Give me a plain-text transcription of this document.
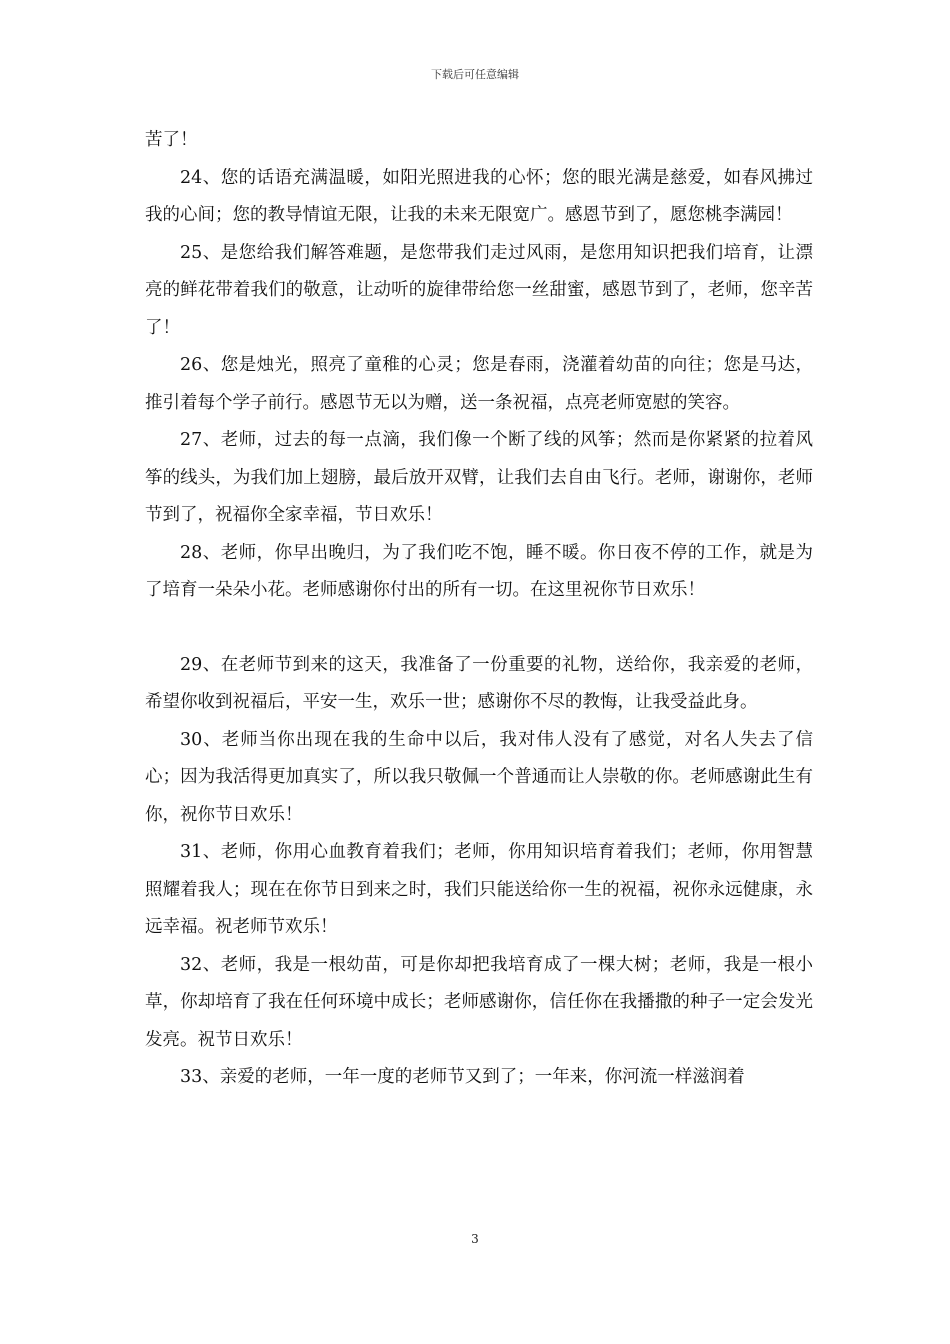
下载后可任意编辑

苦了！

24、您的话语充满温暖，如阳光照进我的心怀；您的眼光满是慈爱，如春风拂过我的心间；您的教导情谊无限，让我的未来无限宽广。感恩节到了，愿您桃李满园！

25、是您给我们解答难题，是您带我们走过风雨，是您用知识把我们培育，让漂亮的鲜花带着我们的敬意，让动听的旋律带给您一丝甜蜜，感恩节到了，老师，您辛苦了！

26、您是烛光，照亮了童稚的心灵；您是春雨，浇灌着幼苗的向往；您是马达，推引着每个学子前行。感恩节无以为赠，送一条祝福，点亮老师宽慰的笑容。

27、老师，过去的每一点滴，我们像一个断了线的风筝；然而是你紧紧的拉着风筝的线头，为我们加上翅膀，最后放开双臂，让我们去自由飞行。老师，谢谢你，老师节到了，祝福你全家幸福，节日欢乐！

28、老师，你早出晚归，为了我们吃不饱，睡不暖。你日夜不停的工作，就是为了培育一朵朵小花。老师感谢你付出的所有一切。在这里祝你节日欢乐！

29、在老师节到来的这天，我准备了一份重要的礼物，送给你，我亲爱的老师，希望你收到祝福后，平安一生，欢乐一世；感谢你不尽的教悔，让我受益此身。

30、老师当你出现在我的生命中以后，我对伟人没有了感觉，对名人失去了信心；因为我活得更加真实了，所以我只敬佩一个普通而让人崇敬的你。老师感谢此生有你，祝你节日欢乐！

31、老师，你用心血教育着我们；老师，你用知识培育着我们；老师，你用智慧照耀着我人；现在在你节日到来之时，我们只能送给你一生的祝福，祝你永远健康，永远幸福。祝老师节欢乐！

32、老师，我是一根幼苗，可是你却把我培育成了一棵大树；老师，我是一根小草，你却培育了我在任何环境中成长；老师感谢你，信任你在我播撒的种子一定会发光发亮。祝节日欢乐！

33、亲爱的老师，一年一度的老师节又到了；一年来，你河流一样滋润着

3
